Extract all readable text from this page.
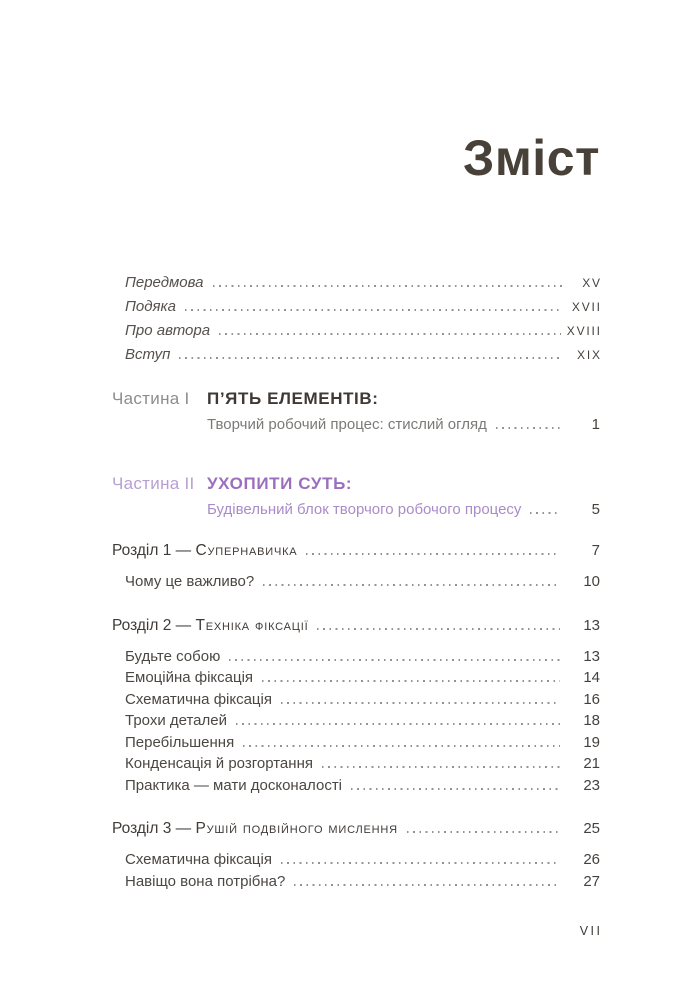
Зміст
Передмова	XV
Подяка	XVII
Про автора	XVIII
Вступ	XIX
Частина I	П’ЯТЬ ЕЛЕМЕНТІВ:
Творчий робочий процес: стислий огляд	1
Частина II УХОПИТИ СУТЬ:
Будівельний блок творчого робочого процесу	5
Розділ 1 — Супернавичка	7
Чому це важливо?	10
Розділ 2 — Техніка фіксації	13
Будьте собою	13
Емоційна фіксація	14
Схематична фіксація	16
Трохи деталей	18
Перебільшення	19
Конденсація й розгортання	21
Практика — мати досконалості	23
Розділ 3 — Рушій подвійного мислення	25
Схематична фіксація	26
Навіщо вона потрібна?	27
VII
